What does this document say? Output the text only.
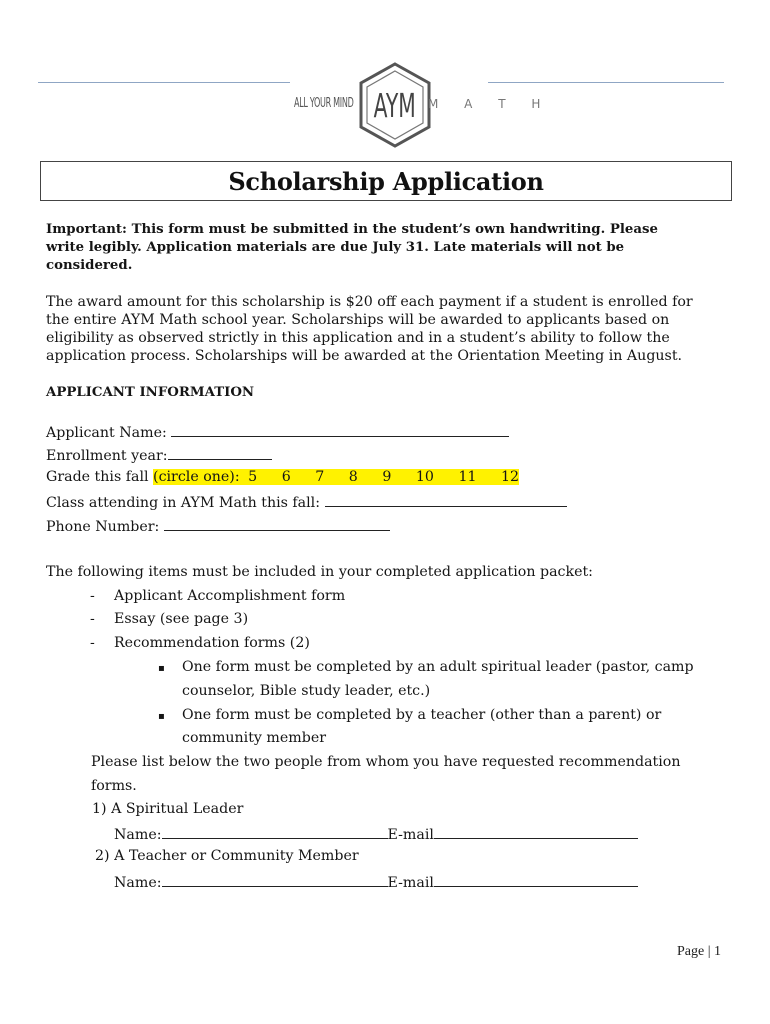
ALL YOUR MIND AYM M A T H
Scholarship Application
Important: This form must be submitted in the student’s own handwriting. Please
write legibly. Application materials are due July 31. Late materials will not be
considered.
The award amount for this scholarship is $20 off each payment if a student is enrolled for
the entire AYM Math school year. Scholarships will be awarded to applicants based on
eligibility as observed strictly in this application and in a student’s ability to follow the
application process. Scholarships will be awarded at the Orientation Meeting in August.
APPLICANT INFORMATION
Applicant Name:
Enrollment year:
Grade this fall (circle one): 5 6 7 8 9 10 11 12
Class attending in AYM Math this fall:
Phone Number:
The following items must be included in your completed application packet:
- Applicant Accomplishment form
- Essay (see page 3)
- Recommendation forms (2)
▪ One form must be completed by an adult spiritual leader (pastor, camp
counselor, Bible study leader, etc.)
▪ One form must be completed by a teacher (other than a parent) or
community member
Please list below the two people from whom you have requested recommendation
forms.
1) A Spiritual Leader
Name:	E-mail
2) A Teacher or Community Member
Name:	E-mail
Page | 1
